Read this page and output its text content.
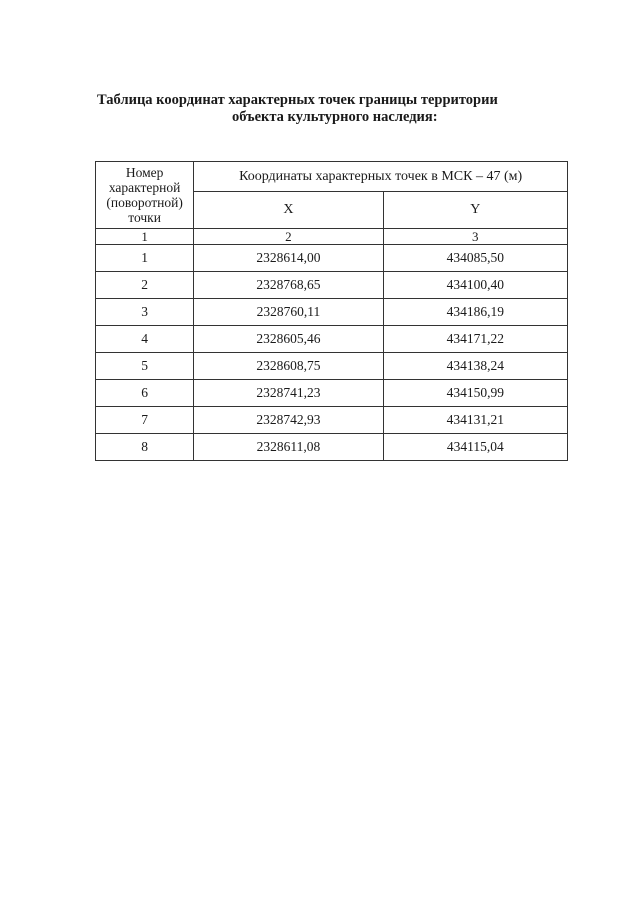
Таблица координат характерных точек границы территории
объекта культурного наследия:
Номер
характерной
(поворотной)
точки	Координаты характерных точек в МСК – 47 (м)	
	X	Y
1	2	3
1	2328614,00	434085,50
2	2328768,65	434100,40
3	2328760,11	434186,19
4	2328605,46	434171,22
5	2328608,75	434138,24
6	2328741,23	434150,99
7	2328742,93	434131,21
8	2328611,08	434115,04
